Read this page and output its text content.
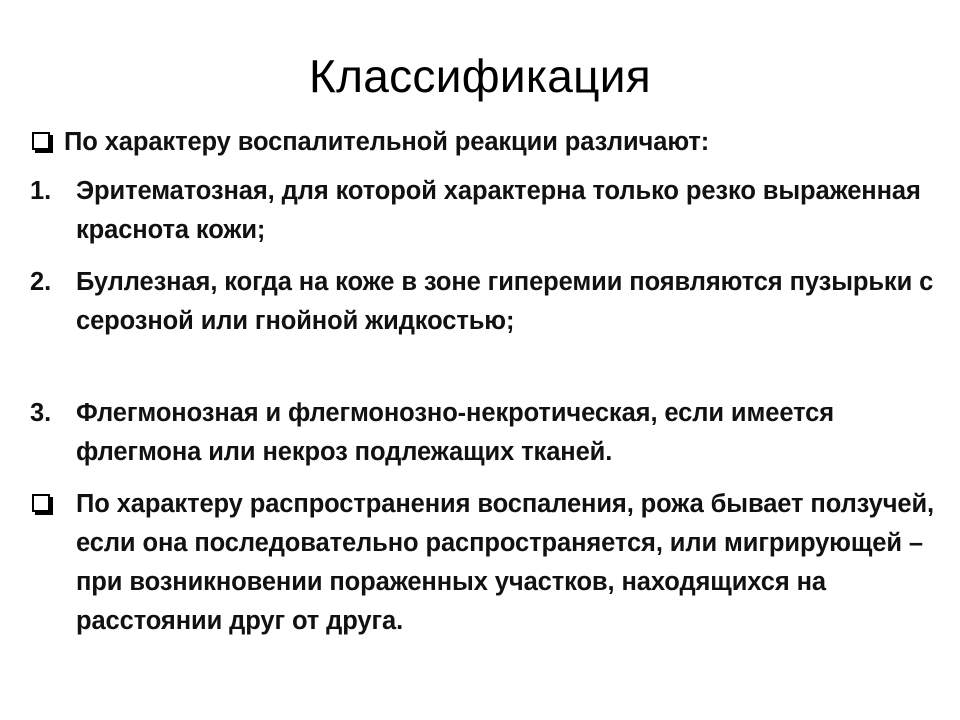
Классификация
По характеру воспалительной реакции различают:
1. Эритематозная, для которой характерна только резко выраженная краснота кожи;
2. Буллезная, когда на коже в зоне гиперемии появляются пузырьки с серозной или гнойной жидкостью;
3. Флегмонозная и флегмонозно-некротическая, если имеется флегмона или некроз подлежащих тканей.
По характеру распространения воспаления, рожа бывает ползучей, если она последовательно распространяется, или мигрирующей – при возникновении пораженных участков, находящихся на расстоянии друг от друга.
